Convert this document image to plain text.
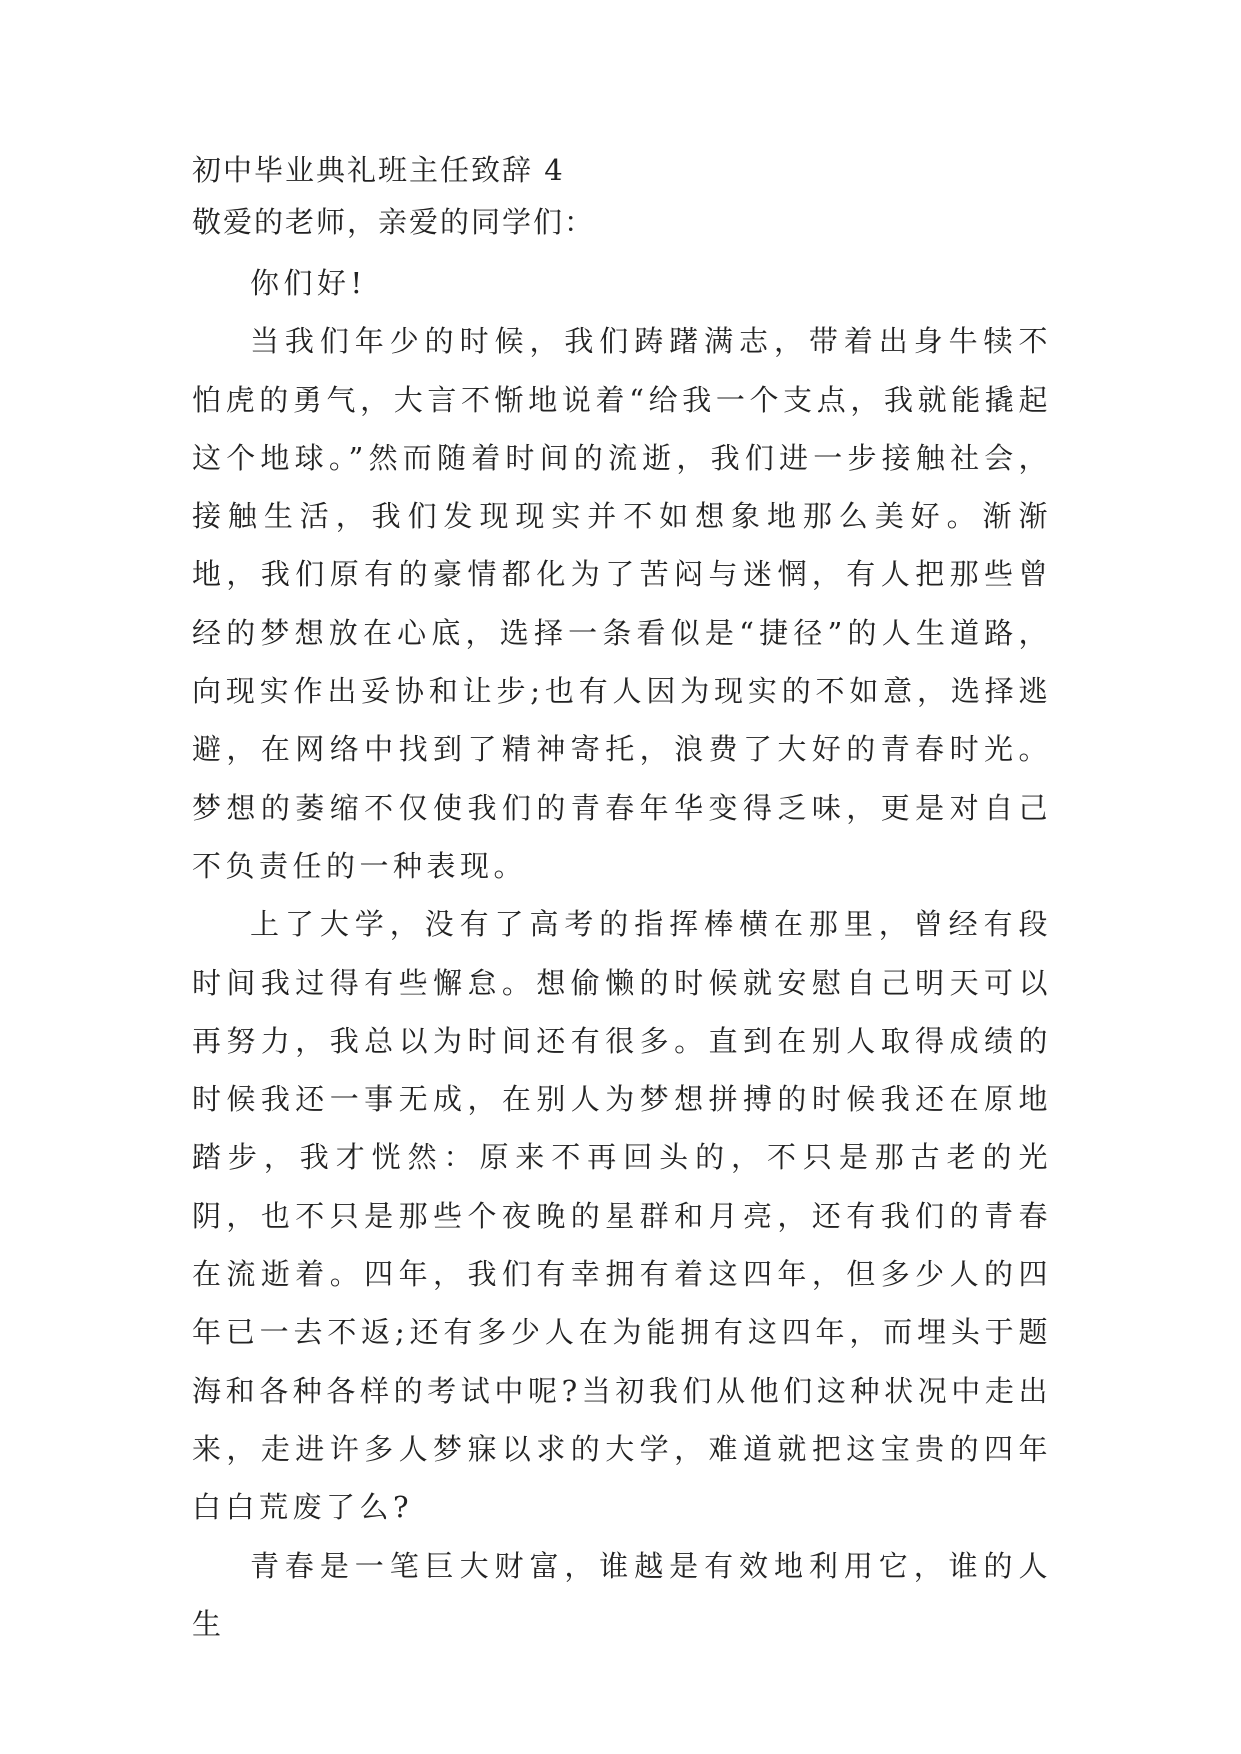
初中毕业典礼班主任致辞 4
敬爱的老师，亲爱的同学们：

你们好!

当我们年少的时候，我们踌躇满志，带着出身牛犊不怕虎的勇气，大言不惭地说着“给我一个支点，我就能撬起这个地球。”然而随着时间的流逝，我们进一步接触社会，接触生活，我们发现现实并不如想象地那么美好。渐渐地，我们原有的豪情都化为了苦闷与迷惘，有人把那些曾经的梦想放在心底，选择一条看似是“捷径”的人生道路，向现实作出妥协和让步;也有人因为现实的不如意，选择逃避，在网络中找到了精神寄托，浪费了大好的青春时光。梦想的萎缩不仅使我们的青春年华变得乏味，更是对自己不负责任的一种表现。

上了大学，没有了高考的指挥棒横在那里，曾经有段时间我过得有些懈怠。想偷懒的时候就安慰自己明天可以再努力，我总以为时间还有很多。直到在别人取得成绩的时候我还一事无成，在别人为梦想拼搏的时候我还在原地踏步，我才恍然：原来不再回头的，不只是那古老的光阴，也不只是那些个夜晚的星群和月亮，还有我们的青春在流逝着。四年，我们有幸拥有着这四年，但多少人的四年已一去不返;还有多少人在为能拥有这四年，而埋头于题海和各种各样的考试中呢?当初我们从他们这种状况中走出来，走进许多人梦寐以求的大学，难道就把这宝贵的四年白白荒废了么?

青春是一笔巨大财富，谁越是有效地利用它，谁的人生
